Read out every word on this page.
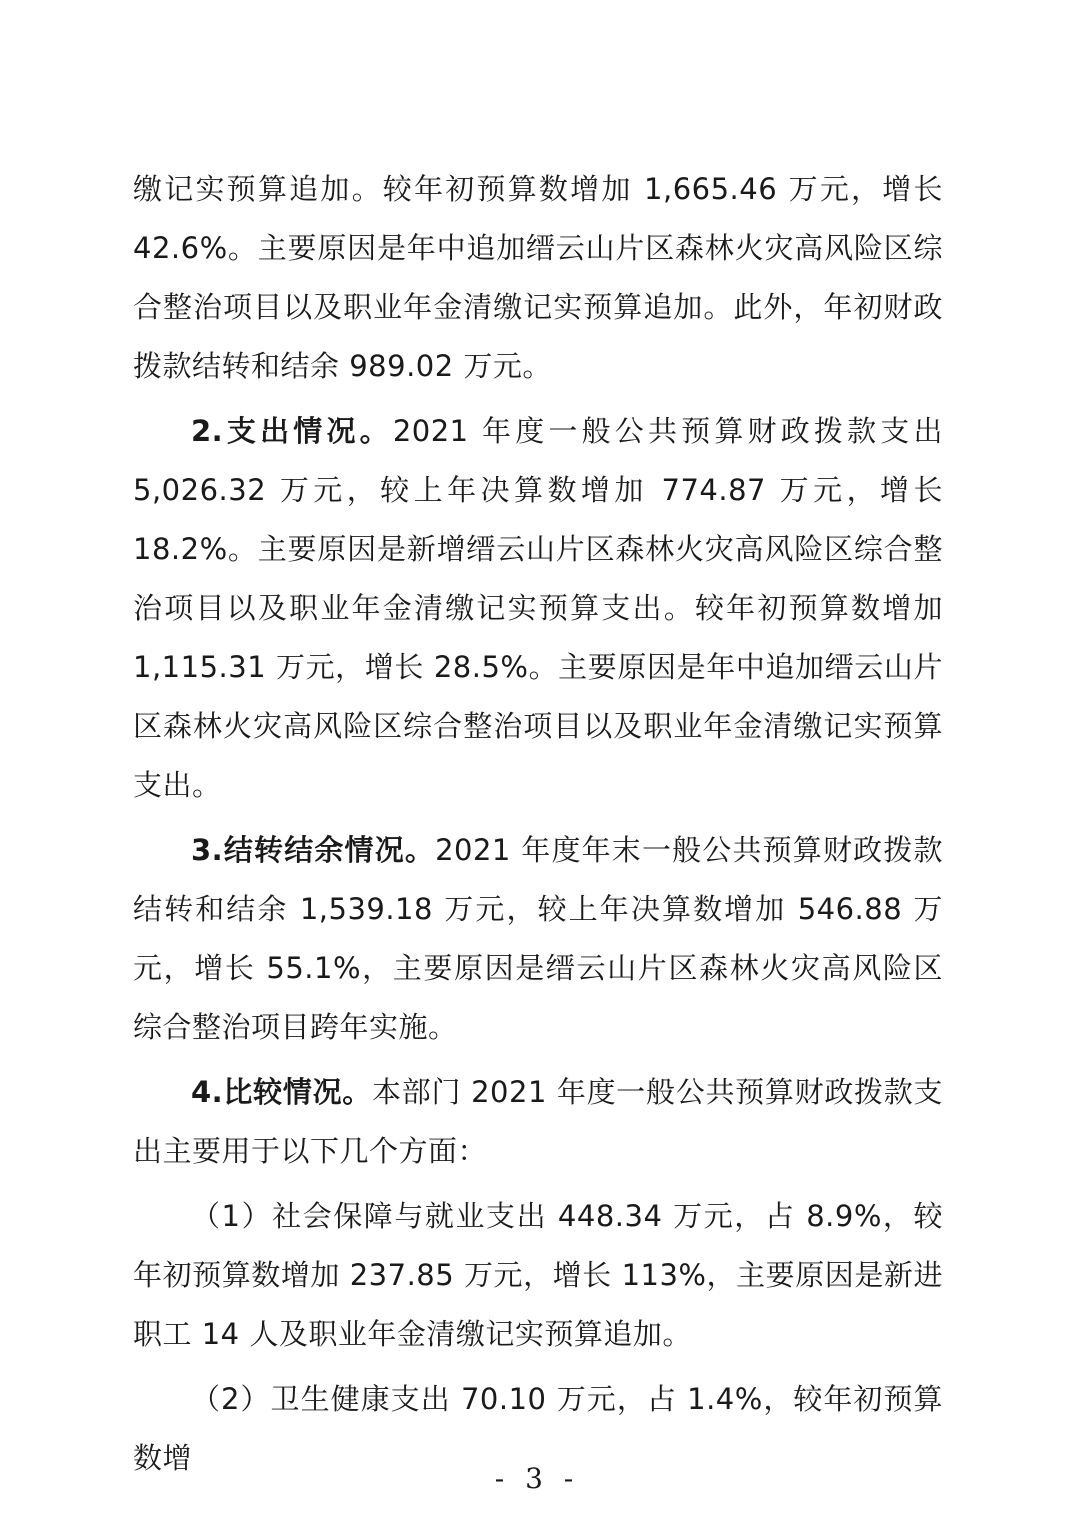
缴记实预算追加。较年初预算数增加 1,665.46 万元，增长 42.6%。主要原因是年中追加缙云山片区森林火灾高风险区综合整治项目以及职业年金清缴记实预算追加。此外，年初财政拨款结转和结余 989.02 万元。

2.支出情况。2021 年度一般公共预算财政拨款支出 5,026.32 万元，较上年决算数增加 774.87 万元，增长 18.2%。主要原因是新增缙云山片区森林火灾高风险区综合整治项目以及职业年金清缴记实预算支出。较年初预算数增加 1,115.31 万元，增长 28.5%。主要原因是年中追加缙云山片区森林火灾高风险区综合整治项目以及职业年金清缴记实预算支出。

3.结转结余情况。2021 年度年末一般公共预算财政拨款结转和结余 1,539.18 万元，较上年决算数增加 546.88 万元，增长 55.1%，主要原因是缙云山片区森林火灾高风险区综合整治项目跨年实施。

4.比较情况。本部门 2021 年度一般公共预算财政拨款支出主要用于以下几个方面：

（1）社会保障与就业支出 448.34 万元，占 8.9%，较年初预算数增加 237.85 万元，增长 113%，主要原因是新进职工 14 人及职业年金清缴记实预算追加。

（2）卫生健康支出 70.10 万元，占 1.4%，较年初预算数增

- 3 -
